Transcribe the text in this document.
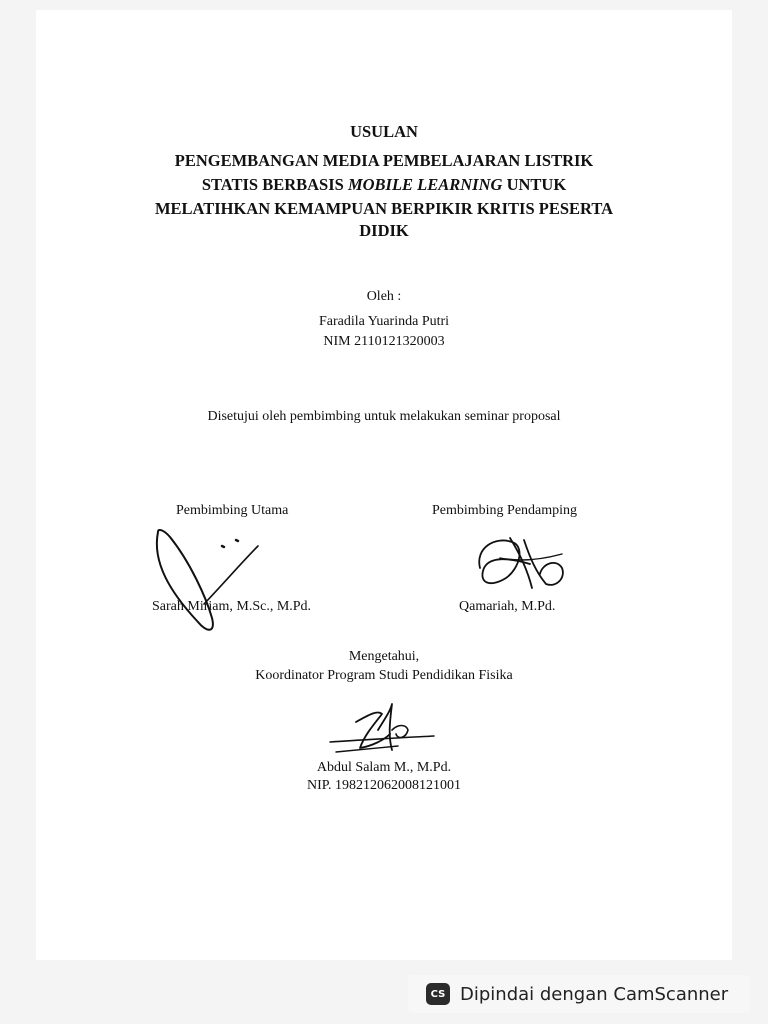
USULAN
PENGEMBANGAN MEDIA PEMBELAJARAN LISTRIK
STATIS BERBASIS MOBILE LEARNING UNTUK
MELATIHKAN KEMAMPUAN BERPIKIR KRITIS PESERTA
DIDIK
Oleh :
Faradila Yuarinda Putri
NIM 2110121320003
Disetujui oleh pembimbing untuk melakukan seminar proposal
Pembimbing Utama	Pembimbing Pendamping
Sarah Miriam, M.Sc., M.Pd.	Qamariah, M.Pd.
Mengetahui,
Koordinator Program Studi Pendidikan Fisika
Abdul Salam M., M.Pd.
NIP. 198212062008121001
CS Dipindai dengan CamScanner
